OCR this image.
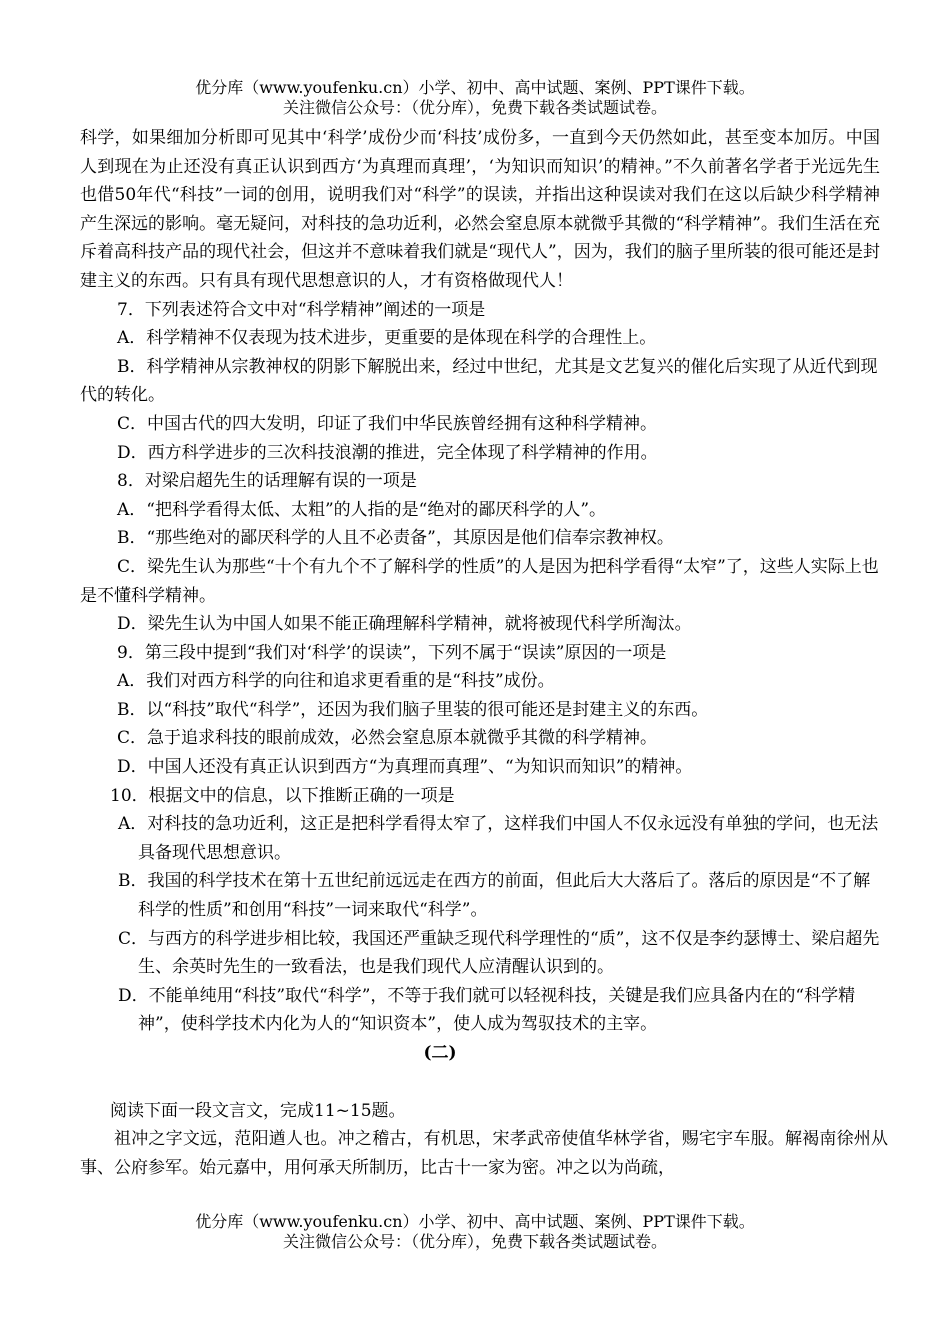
优分库（www.youfenku.cn）小学、初中、高中试题、案例、PPT课件下载。
关注微信公众号：（优分库），免费下载各类试题试卷。

科学，如果细加分析即可见其中‘科学’成份少而‘科技’成份多，一直到今天仍然如此，甚至变本加厉。中国人到现在为止还没有真正认识到西方‘为真理而真理’，‘为知识而知识’的精神。”不久前著名学者于光远先生也借50年代“科技”一词的创用，说明我们对“科学”的误读，并指出这种误读对我们在这以后缺少科学精神产生深远的影响。毫无疑问，对科技的急功近利，必然会窒息原本就微乎其微的“科学精神”。我们生活在充斥着高科技产品的现代社会，但这并不意味着我们就是“现代人”，因为，我们的脑子里所装的很可能还是封建主义的东西。只有具有现代思想意识的人，才有资格做现代人！

7．下列表述符合文中对“科学精神”阐述的一项是

A．科学精神不仅表现为技术进步，更重要的是体现在科学的合理性上。

B．科学精神从宗教神权的阴影下解脱出来，经过中世纪，尤其是文艺复兴的催化后实现了从近代到现代的转化。

C．中国古代的四大发明，印证了我们中华民族曾经拥有这种科学精神。

D．西方科学进步的三次科技浪潮的推进，完全体现了科学精神的作用。

8．对梁启超先生的话理解有误的一项是

A．“把科学看得太低、太粗”的人指的是“绝对的鄙厌科学的人”。

B．“那些绝对的鄙厌科学的人且不必责备”，其原因是他们信奉宗教神权。

C．梁先生认为那些“十个有九个不了解科学的性质”的人是因为把科学看得“太窄”了，这些人实际上也是不懂科学精神。

D．梁先生认为中国人如果不能正确理解科学精神，就将被现代科学所淘汰。

9．第三段中提到“我们对‘科学’的误读”，下列不属于“误读”原因的一项是

A．我们对西方科学的向往和追求更看重的是“科技”成份。

B．以“科技”取代“科学”，还因为我们脑子里装的很可能还是封建主义的东西。

C．急于追求科技的眼前成效，必然会窒息原本就微乎其微的科学精神。

D．中国人还没有真正认识到西方“为真理而真理”、“为知识而知识”的精神。

10．根据文中的信息，以下推断正确的一项是

A．对科技的急功近利，这正是把科学看得太窄了，这样我们中国人不仅永远没有单独的学问，也无法具备现代思想意识。

B．我国的科学技术在第十五世纪前远远走在西方的前面，但此后大大落后了。落后的原因是“不了解科学的性质”和创用“科技”一词来取代“科学”。

C．与西方的科学进步相比较，我国还严重缺乏现代科学理性的“质”，这不仅是李约瑟博士、梁启超先生、余英时先生的一致看法，也是我们现代人应清醒认识到的。

D．不能单纯用“科技”取代“科学”，不等于我们就可以轻视科技，关键是我们应具备内在的“科学精神”，使科学技术内化为人的“知识资本”，使人成为驾驭技术的主宰。

(二)

阅读下面一段文言文，完成11~15题。

祖冲之字文远，范阳遒人也。冲之稽古，有机思，宋孝武帝使值华林学省，赐宅宇车服。解褐南徐州从事、公府参军。始元嘉中，用何承天所制历，比古十一家为密。冲之以为尚疏，

优分库（www.youfenku.cn）小学、初中、高中试题、案例、PPT课件下载。
关注微信公众号：（优分库），免费下载各类试题试卷。
